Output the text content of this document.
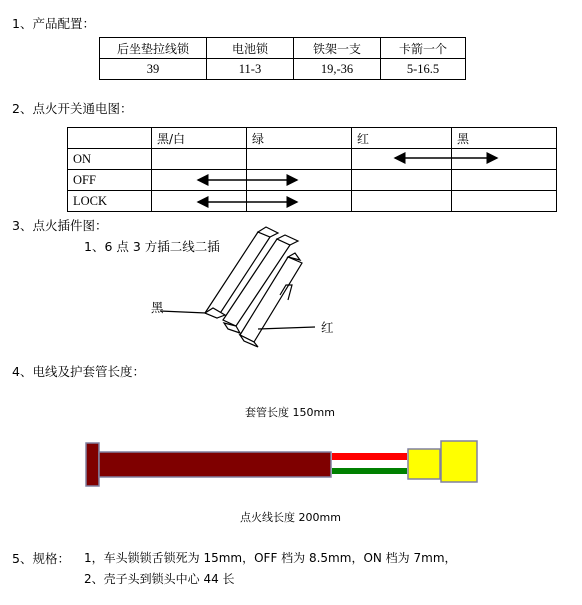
1、产品配置：
后坐垫拉线锁	电池锁	铁架一支	卡箭一个
39	11-3	19,-36	5-16.5
2、点火开关通电图：
	黑/白	绿	红	黑
ON				
OFF				
LOCK				
3、点火插件图：
1、6 点 3 方插二线二插
黑
红
4、电线及护套管长度：
套管长度 150mm
点火线长度 200mm
5、规格： 1，车头锁锁舌锁死为 15mm，OFF 档为 8.5mm，ON 档为 7mm，
2、壳子头到锁头中心 44 长
